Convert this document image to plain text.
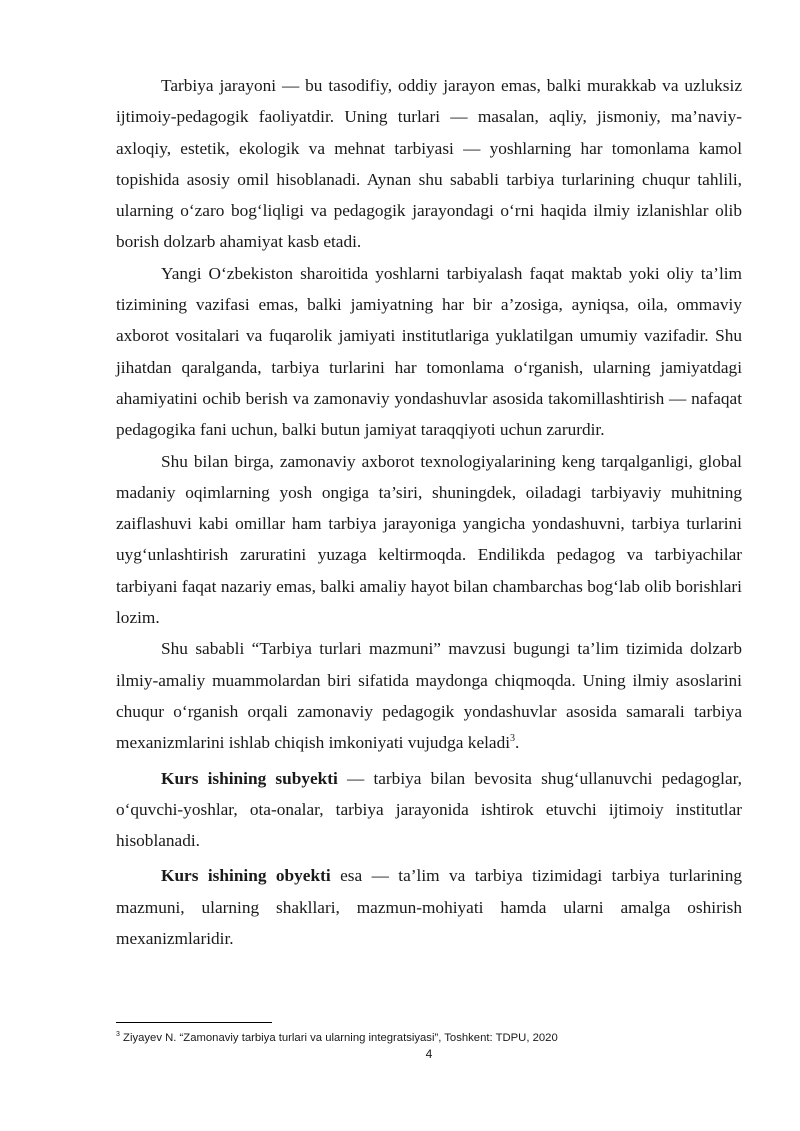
Tarbiya jarayoni — bu tasodifiy, oddiy jarayon emas, balki murakkab va uzluksiz ijtimoiy-pedagogik faoliyatdir. Uning turlari — masalan, aqliy, jismoniy, ma’naviy-axloqiy, estetik, ekologik va mehnat tarbiyasi — yoshlarning har tomonlama kamol topishida asosiy omil hisoblanadi. Aynan shu sababli tarbiya turlarining chuqur tahlili, ularning o‘zaro bog‘liqligi va pedagogik jarayondagi o‘rni haqida ilmiy izlanishlar olib borish dolzarb ahamiyat kasb etadi.

Yangi O‘zbekiston sharoitida yoshlarni tarbiyalash faqat maktab yoki oliy ta’lim tizimining vazifasi emas, balki jamiyatning har bir a’zosiga, ayniqsa, oila, ommaviy axborot vositalari va fuqarolik jamiyati institutlariga yuklatilgan umumiy vazifadir. Shu jihatdan qaralganda, tarbiya turlarini har tomonlama o‘rganish, ularning jamiyatdagi ahamiyatini ochib berish va zamonaviy yondashuvlar asosida takomillashtirish — nafaqat pedagogika fani uchun, balki butun jamiyat taraqqiyoti uchun zarurdir.

Shu bilan birga, zamonaviy axborot texnologiyalarining keng tarqalganligi, global madaniy oqimlarning yosh ongiga ta’siri, shuningdek, oiladagi tarbiyaviy muhitning zaiflashuvi kabi omillar ham tarbiya jarayoniga yangicha yondashuvni, tarbiya turlarini uyg‘unlashtirish zaruratini yuzaga keltirmoqda. Endilikda pedagog va tarbiyachilar tarbiyani faqat nazariy emas, balki amaliy hayot bilan chambarchas bog‘lab olib borishlari lozim.

Shu sababli “Tarbiya turlari mazmuni” mavzusi bugungi ta’lim tizimida dolzarb ilmiy-amaliy muammolardan biri sifatida maydonga chiqmoqda. Uning ilmiy asoslarini chuqur o‘rganish orqali zamonaviy pedagogik yondashuvlar asosida samarali tarbiya mexanizmlarini ishlab chiqish imkoniyati vujudga keladi$^3$.

Kurs ishining subyekti — tarbiya bilan bevosita shug‘ullanuvchi pedagoglar, o‘quvchi-yoshlar, ota-onalar, tarbiya jarayonida ishtirok etuvchi ijtimoiy institutlar hisoblanadi.

Kurs ishining obyekti esa — ta’lim va tarbiya tizimidagi tarbiya turlarining mazmuni, ularning shakllari, mazmun-mohiyati hamda ularni amalga oshirish mexanizmlaridir.

$^3$ Ziyayev N. “Zamonaviy tarbiya turlari va ularning integratsiyasi”, Toshkent: TDPU, 2020
4
